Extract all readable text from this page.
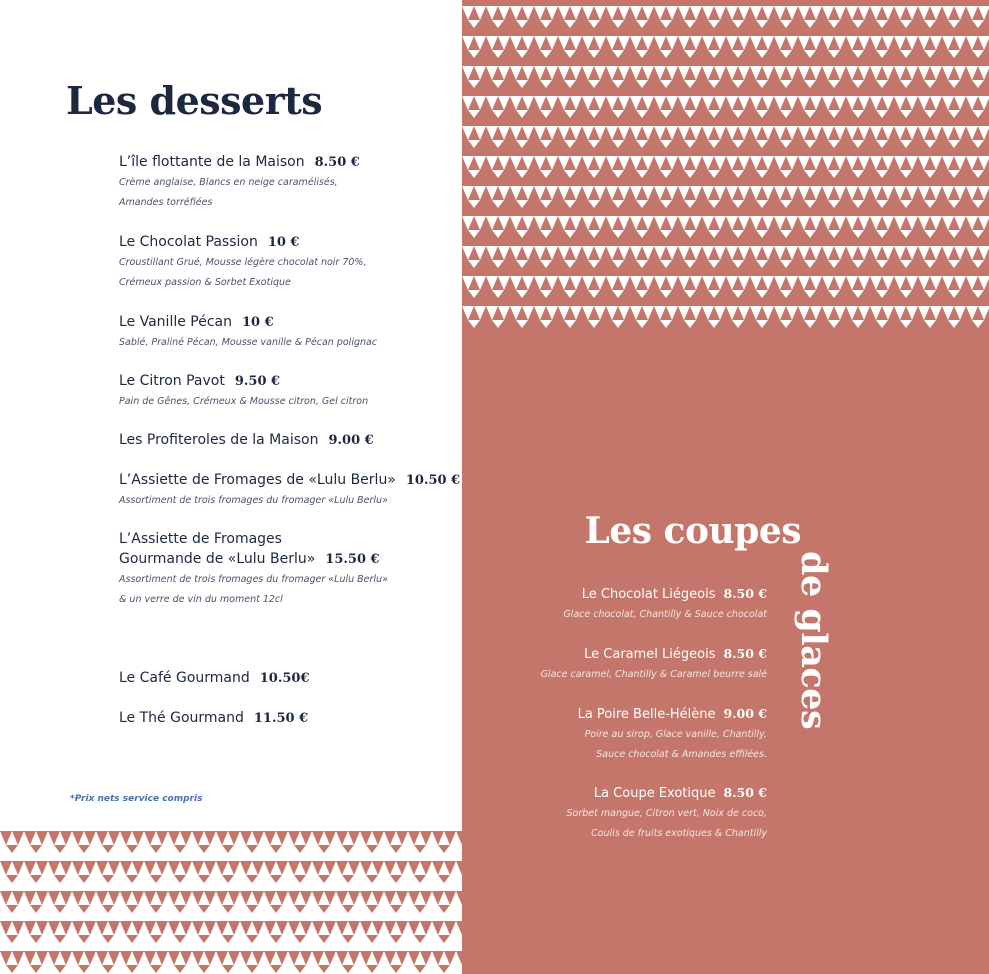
Les desserts
L’île flottante de la Maison 8.50 €
Crème anglaise, Blancs en neige caramélisés,
Amandes torréfiées
Le Chocolat Passion 10 €
Croustillant Grué, Mousse légère chocolat noir 70%,
Crémeux passion & Sorbet Exotique
Le Vanille Pécan 10 €
Sablé, Praliné Pécan, Mousse vanille & Pécan polignac
Le Citron Pavot 9.50 €
Pain de Gênes, Crémeux & Mousse citron, Gel citron
Les Profiteroles de la Maison 9.00 €
L’Assiette de Fromages de «Lulu Berlu» 10.50 €
Assortiment de trois fromages du fromager «Lulu Berlu»
L’Assiette de Fromages
Gourmande de «Lulu Berlu» 15.50 €
Assortiment de trois fromages du fromager «Lulu Berlu»
& un verre de vin du moment 12cl
Le Café Gourmand 10.50€
Le Thé Gourmand 11.50 €
*Prix nets service compris
Les coupes
de glaces
Le Chocolat Liégeois 8.50 €
Glace chocolat, Chantilly & Sauce chocolat
Le Caramel Liégeois 8.50 €
Glace caramel, Chantilly & Caramel beurre salé
La Poire Belle-Hélène 9.00 €
Poire au sirop, Glace vanille, Chantilly,
Sauce chocolat & Amandes effilées.
La Coupe Exotique 8.50 €
Sorbet mangue, Citron vert, Noix de coco,
Coulis de fruits exotiques & Chantilly
